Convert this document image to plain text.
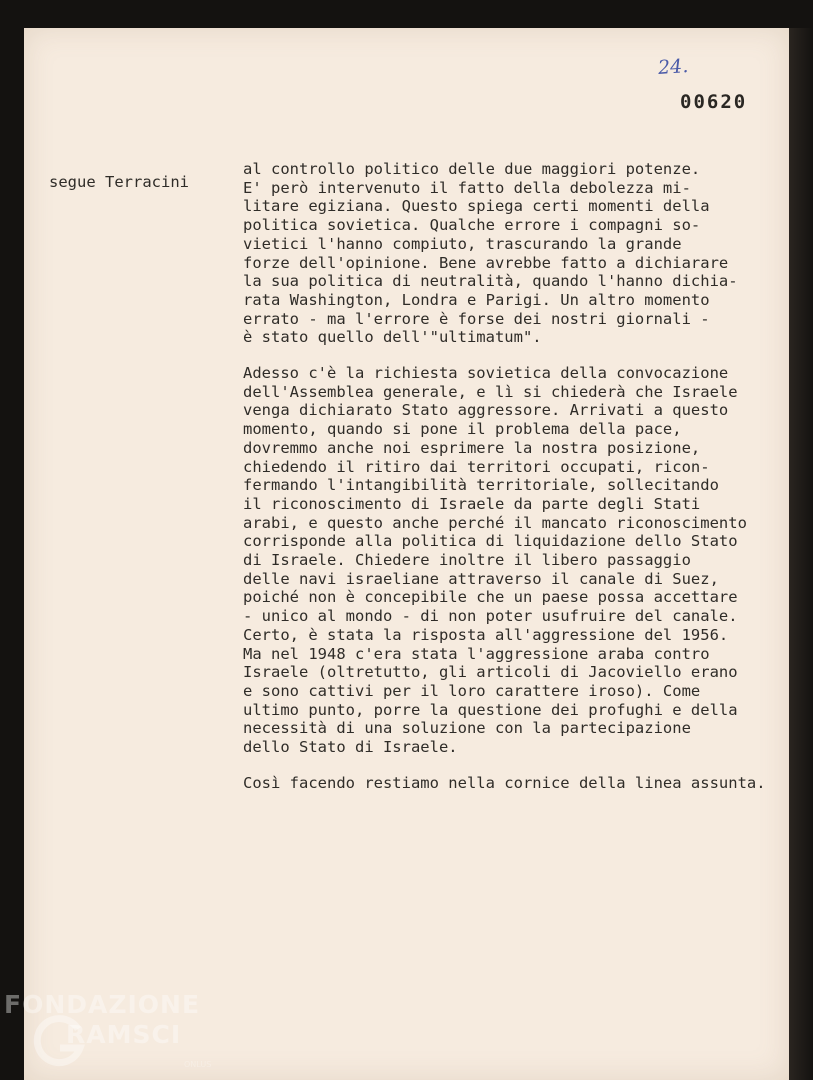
24.
00620
segue Terracini
al controllo politico delle due maggiori potenze.
E' però intervenuto il fatto della debolezza mi-
litare egiziana. Questo spiega certi momenti della
politica sovietica. Qualche errore i compagni so-
vietici l'hanno compiuto, trascurando la grande
forze dell'opinione. Bene avrebbe fatto a dichiarare
la sua politica di neutralità, quando l'hanno dichia-
rata Washington, Londra e Parigi. Un altro momento
errato - ma l'errore è forse dei nostri giornali -
è stato quello dell'"ultimatum".
Adesso c'è la richiesta sovietica della convocazione
dell'Assemblea generale, e lì si chiederà che Israele
venga dichiarato Stato aggressore. Arrivati a questo
momento, quando si pone il problema della pace,
dovremmo anche noi esprimere la nostra posizione,
chiedendo il ritiro dai territori occupati, ricon-
fermando l'intangibilità territoriale, sollecitando
il riconoscimento di Israele da parte degli Stati
arabi, e questo anche perché il mancato riconoscimento
corrisponde alla politica di liquidazione dello Stato
di Israele. Chiedere inoltre il libero passaggio
delle navi israeliane attraverso il canale di Suez,
poiché non è concepibile che un paese possa accettare
- unico al mondo - di non poter usufruire del canale.
Certo, è stata la risposta all'aggressione del 1956.
Ma nel 1948 c'era stata l'aggressione araba contro
Israele (oltretutto, gli articoli di Jacoviello erano
e sono cattivi per il loro carattere iroso). Come
ultimo punto, porre la questione dei profughi e della
necessità di una soluzione con la partecipazione
dello Stato di Israele.
Così facendo restiamo nella cornice della linea assunta.
FONDAZIONE
RAMSCI
ONLUS
